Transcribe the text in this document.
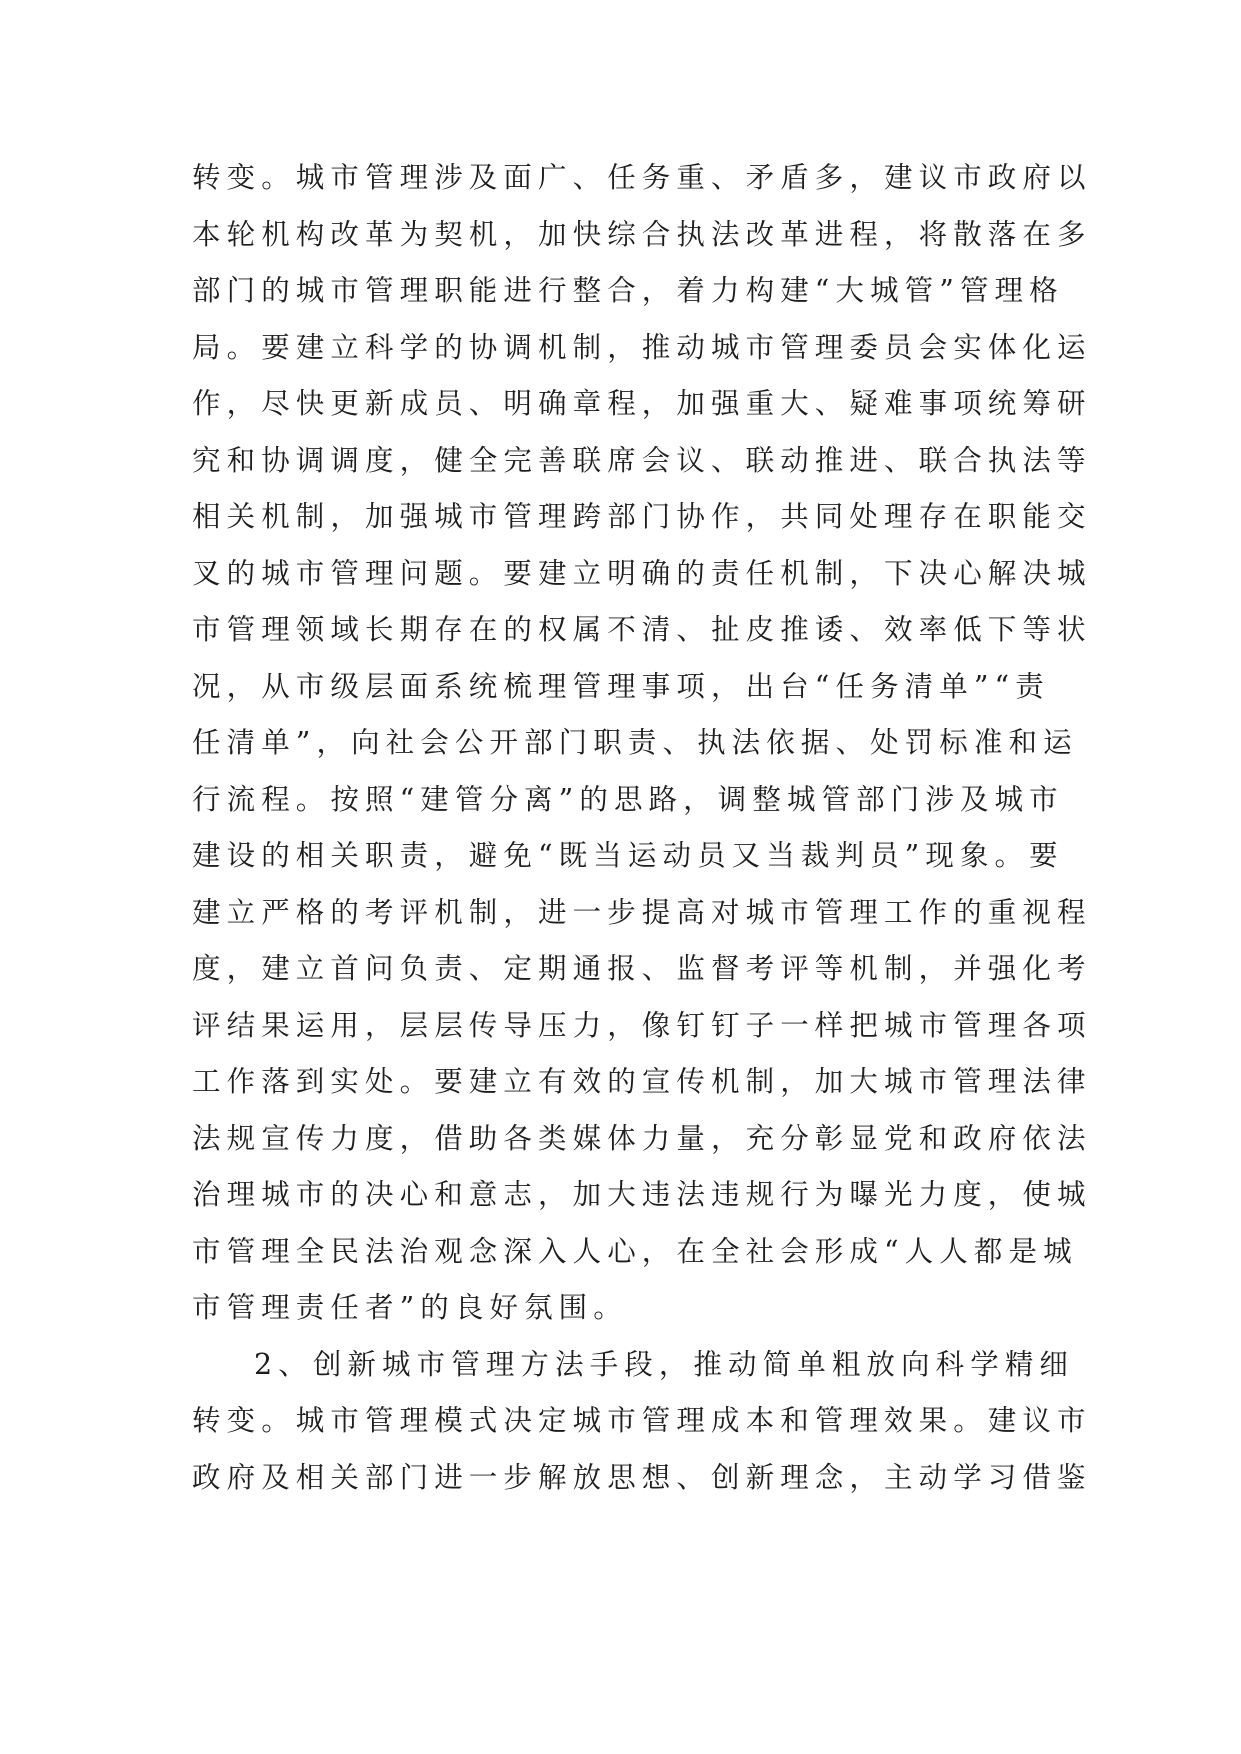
转变。城市管理涉及面广、任务重、矛盾多，建议市政府以
本轮机构改革为契机，加快综合执法改革进程，将散落在多
部门的城市管理职能进行整合，着力构建“大城管”管理格
局。要建立科学的协调机制，推动城市管理委员会实体化运
作，尽快更新成员、明确章程，加强重大、疑难事项统筹研
究和协调调度，健全完善联席会议、联动推进、联合执法等
相关机制，加强城市管理跨部门协作，共同处理存在职能交
叉的城市管理问题。要建立明确的责任机制，下决心解决城
市管理领域长期存在的权属不清、扯皮推诿、效率低下等状
况，从市级层面系统梳理管理事项，出台“任务清单”“责
任清单”，向社会公开部门职责、执法依据、处罚标准和运
行流程。按照“建管分离”的思路，调整城管部门涉及城市
建设的相关职责，避免“既当运动员又当裁判员”现象。要
建立严格的考评机制，进一步提高对城市管理工作的重视程
度，建立首问负责、定期通报、监督考评等机制，并强化考
评结果运用，层层传导压力，像钉钉子一样把城市管理各项
工作落到实处。要建立有效的宣传机制，加大城市管理法律
法规宣传力度，借助各类媒体力量，充分彰显党和政府依法
治理城市的决心和意志，加大违法违规行为曝光力度，使城
市管理全民法治观念深入人心，在全社会形成“人人都是城
市管理责任者”的良好氛围。
2、创新城市管理方法手段，推动简单粗放向科学精细
转变。城市管理模式决定城市管理成本和管理效果。建议市
政府及相关部门进一步解放思想、创新理念，主动学习借鉴
